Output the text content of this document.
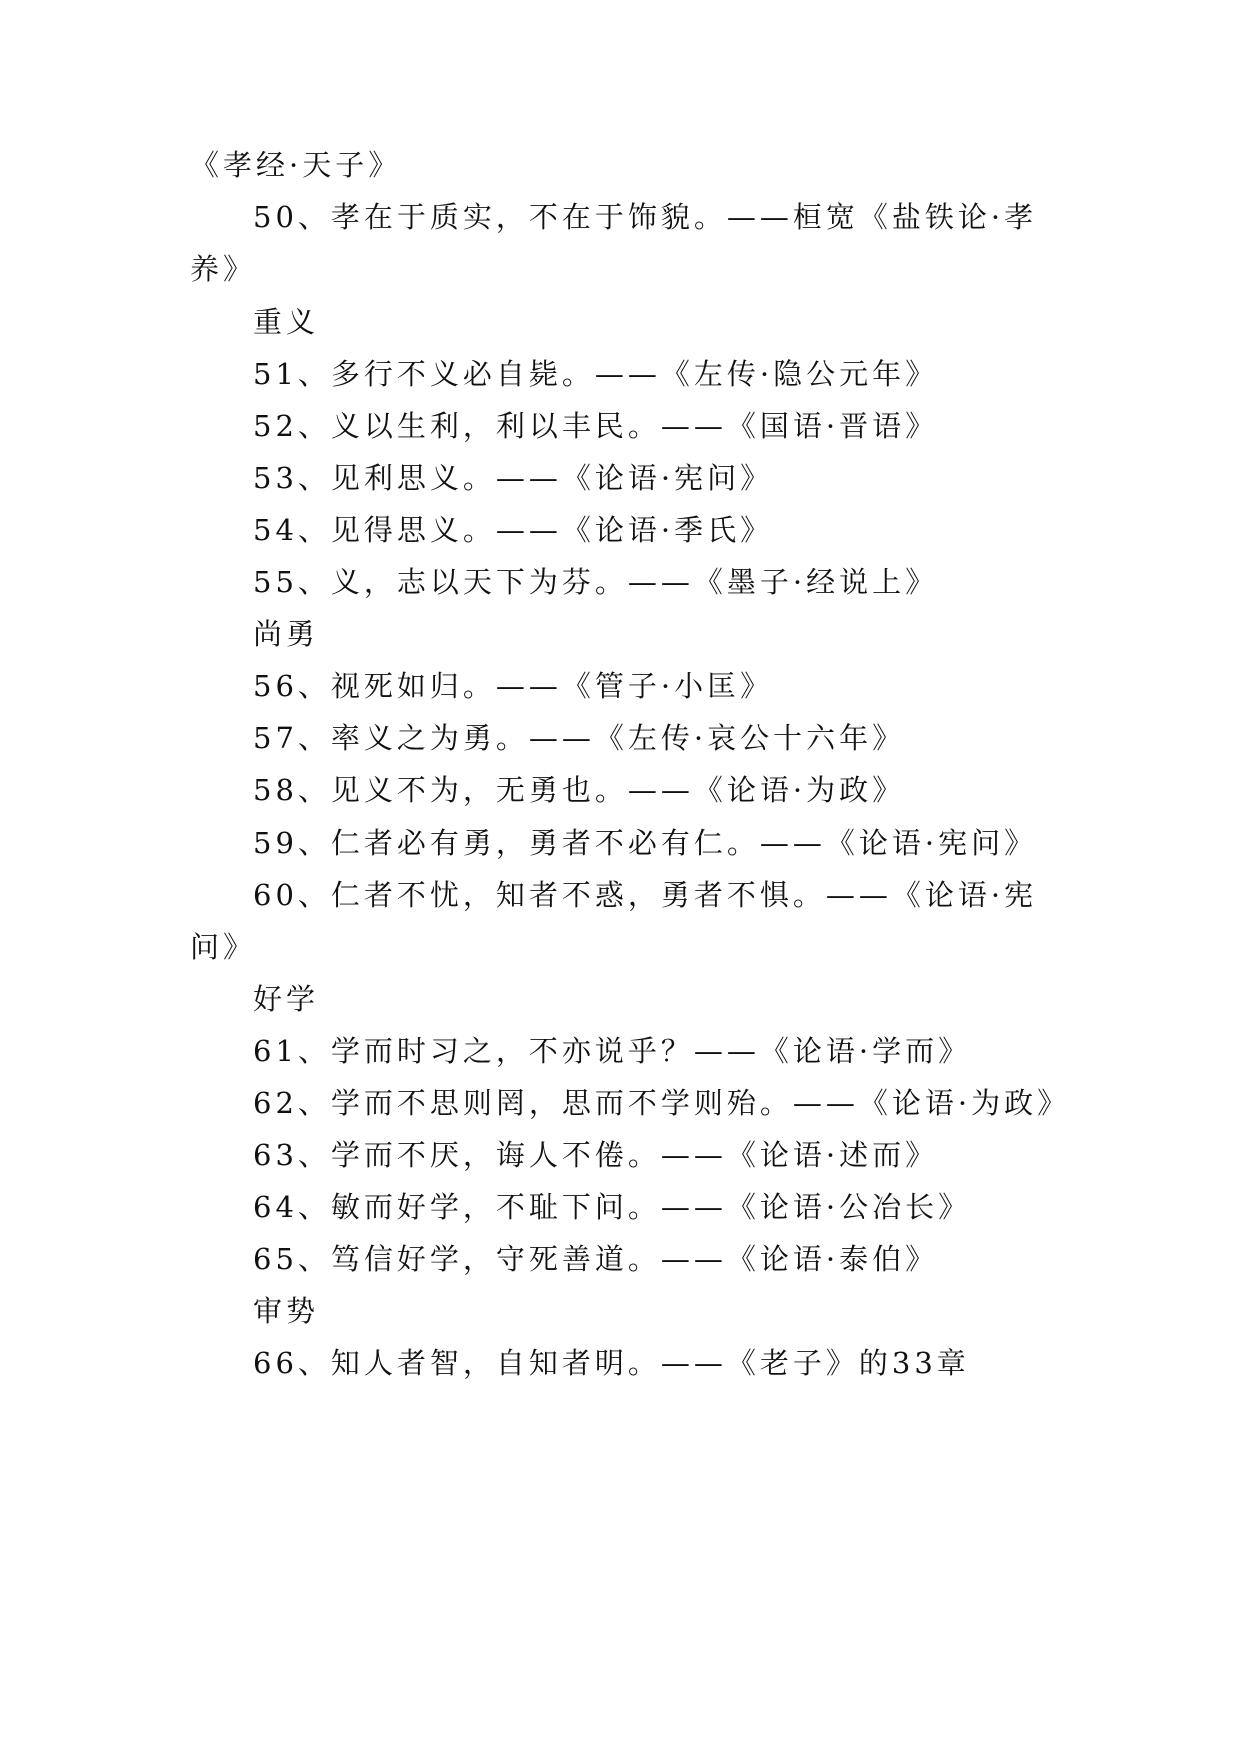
《孝经·天子》
50、孝在于质实，不在于饰貌。——桓宽《盐铁论·孝
养》
重义
51、多行不义必自毙。——《左传·隐公元年》
52、义以生利，利以丰民。——《国语·晋语》
53、见利思义。——《论语·宪问》
54、见得思义。——《论语·季氏》
55、义，志以天下为芬。——《墨子·经说上》
尚勇
56、视死如归。——《管子·小匡》
57、率义之为勇。——《左传·哀公十六年》
58、见义不为，无勇也。——《论语·为政》
59、仁者必有勇，勇者不必有仁。——《论语·宪问》
60、仁者不忧，知者不惑，勇者不惧。——《论语·宪
问》
好学
61、学而时习之，不亦说乎？——《论语·学而》
62、学而不思则罔，思而不学则殆。——《论语·为政》
63、学而不厌，诲人不倦。——《论语·述而》
64、敏而好学，不耻下问。——《论语·公冶长》
65、笃信好学，守死善道。——《论语·泰伯》
审势
66、知人者智，自知者明。——《老子》的33章
